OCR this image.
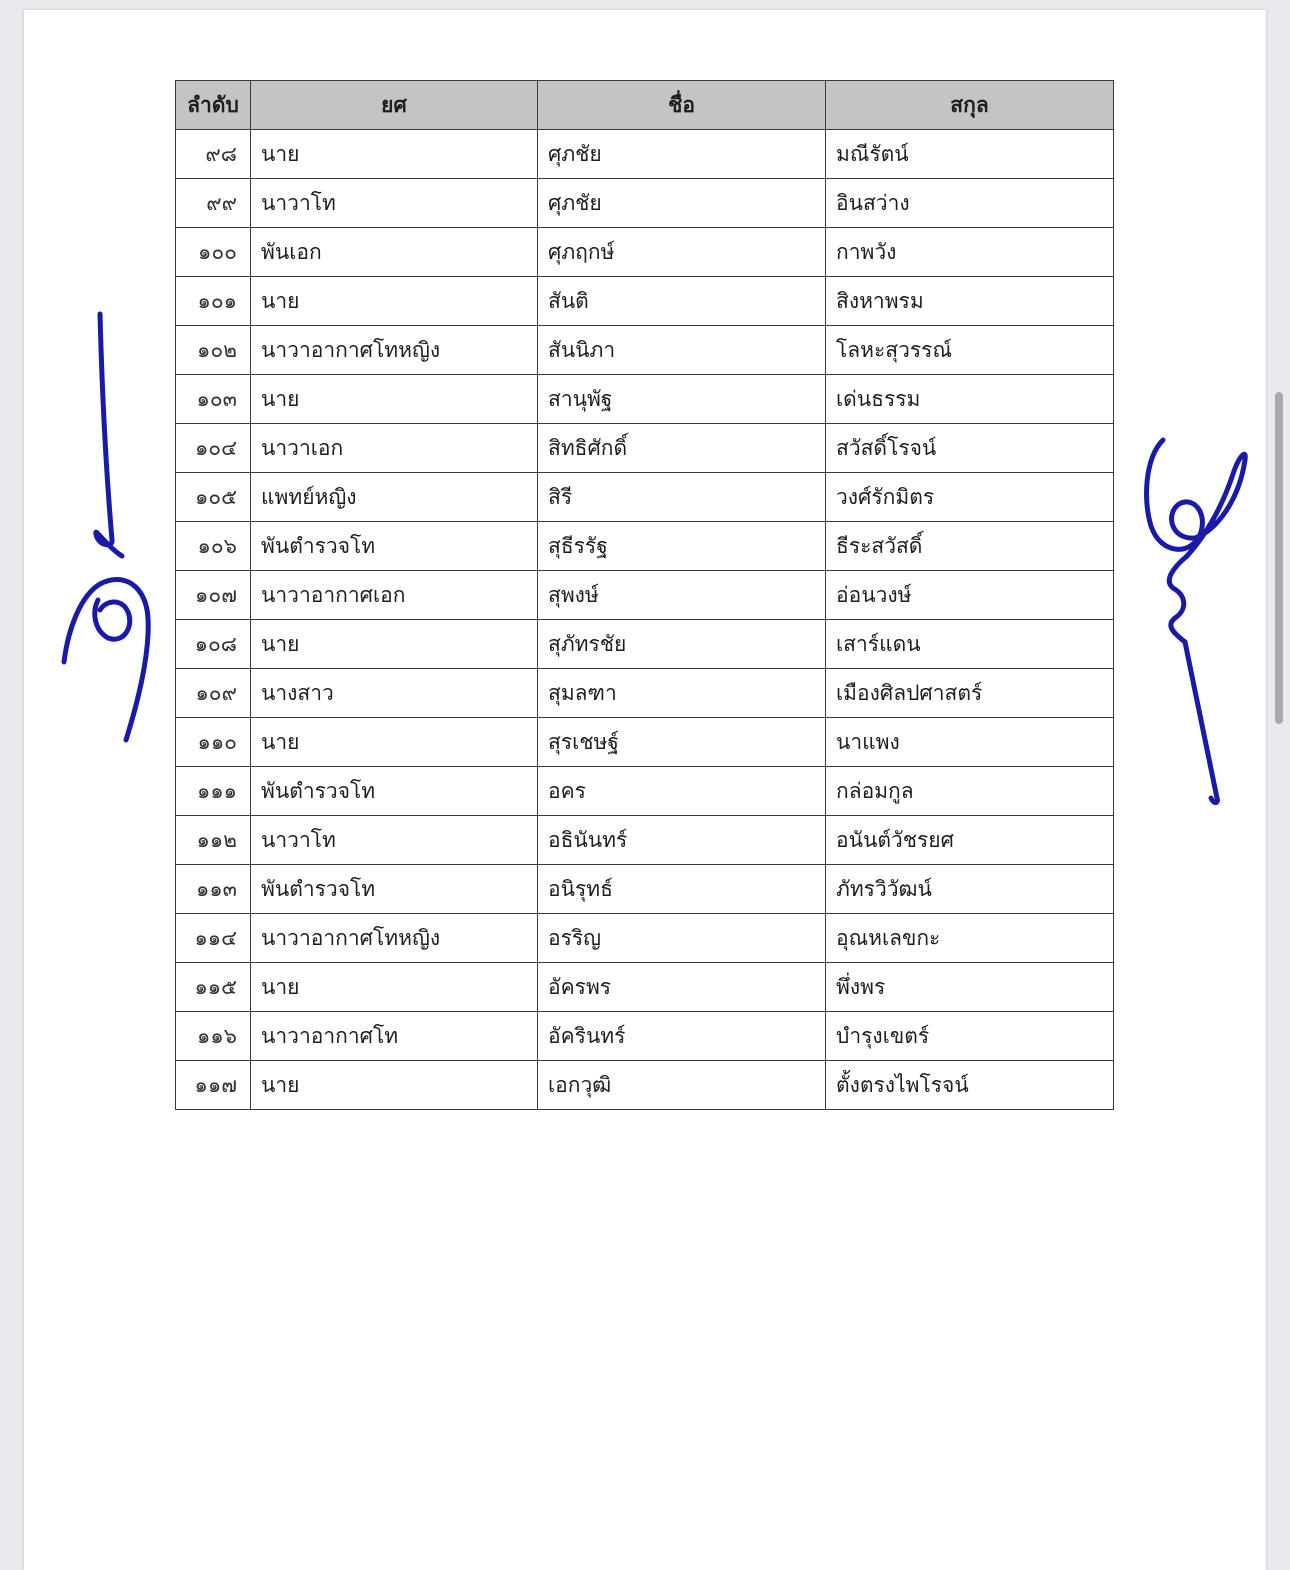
ลำดับ	ยศ	ชื่อ	สกุล
๙๘	นาย	ศุภชัย	มณีรัตน์
๙๙	นาวาโท	ศุภชัย	อินสว่าง
๑๐๐	พันเอก	ศุภฤกษ์	กาพวัง
๑๐๑	นาย	สันติ	สิงหาพรม
๑๐๒	นาวาอากาศโทหญิง	สันนิภา	โลหะสุวรรณ์
๑๐๓	นาย	สานุพัฐ	เด่นธรรม
๑๐๔	นาวาเอก	สิทธิศักดิ์	สวัสดิ์โรจน์
๑๐๕	แพทย์หญิง	สิรี	วงศ์รักมิตร
๑๐๖	พันตำรวจโท	สุธีรรัฐ	ธีระสวัสดิ์
๑๐๗	นาวาอากาศเอก	สุพงษ์	อ่อนวงษ์
๑๐๘	นาย	สุภัทรชัย	เสาร์แดน
๑๐๙	นางสาว	สุมลฑา	เมืองศิลปศาสตร์
๑๑๐	นาย	สุรเชษฐ์	นาแพง
๑๑๑	พันตำรวจโท	อคร	กล่อมกูล
๑๑๒	นาวาโท	อธินันทร์	อนันต์วัชรยศ
๑๑๓	พันตำรวจโท	อนิรุทธ์	ภัทรวิวัฒน์
๑๑๔	นาวาอากาศโทหญิง	อรริญ	อุณหเลขกะ
๑๑๕	นาย	อัครพร	พึ่งพร
๑๑๖	นาวาอากาศโท	อัครินทร์	บำรุงเขตร์
๑๑๗	นาย	เอกวุฒิ	ตั้งตรงไพโรจน์
